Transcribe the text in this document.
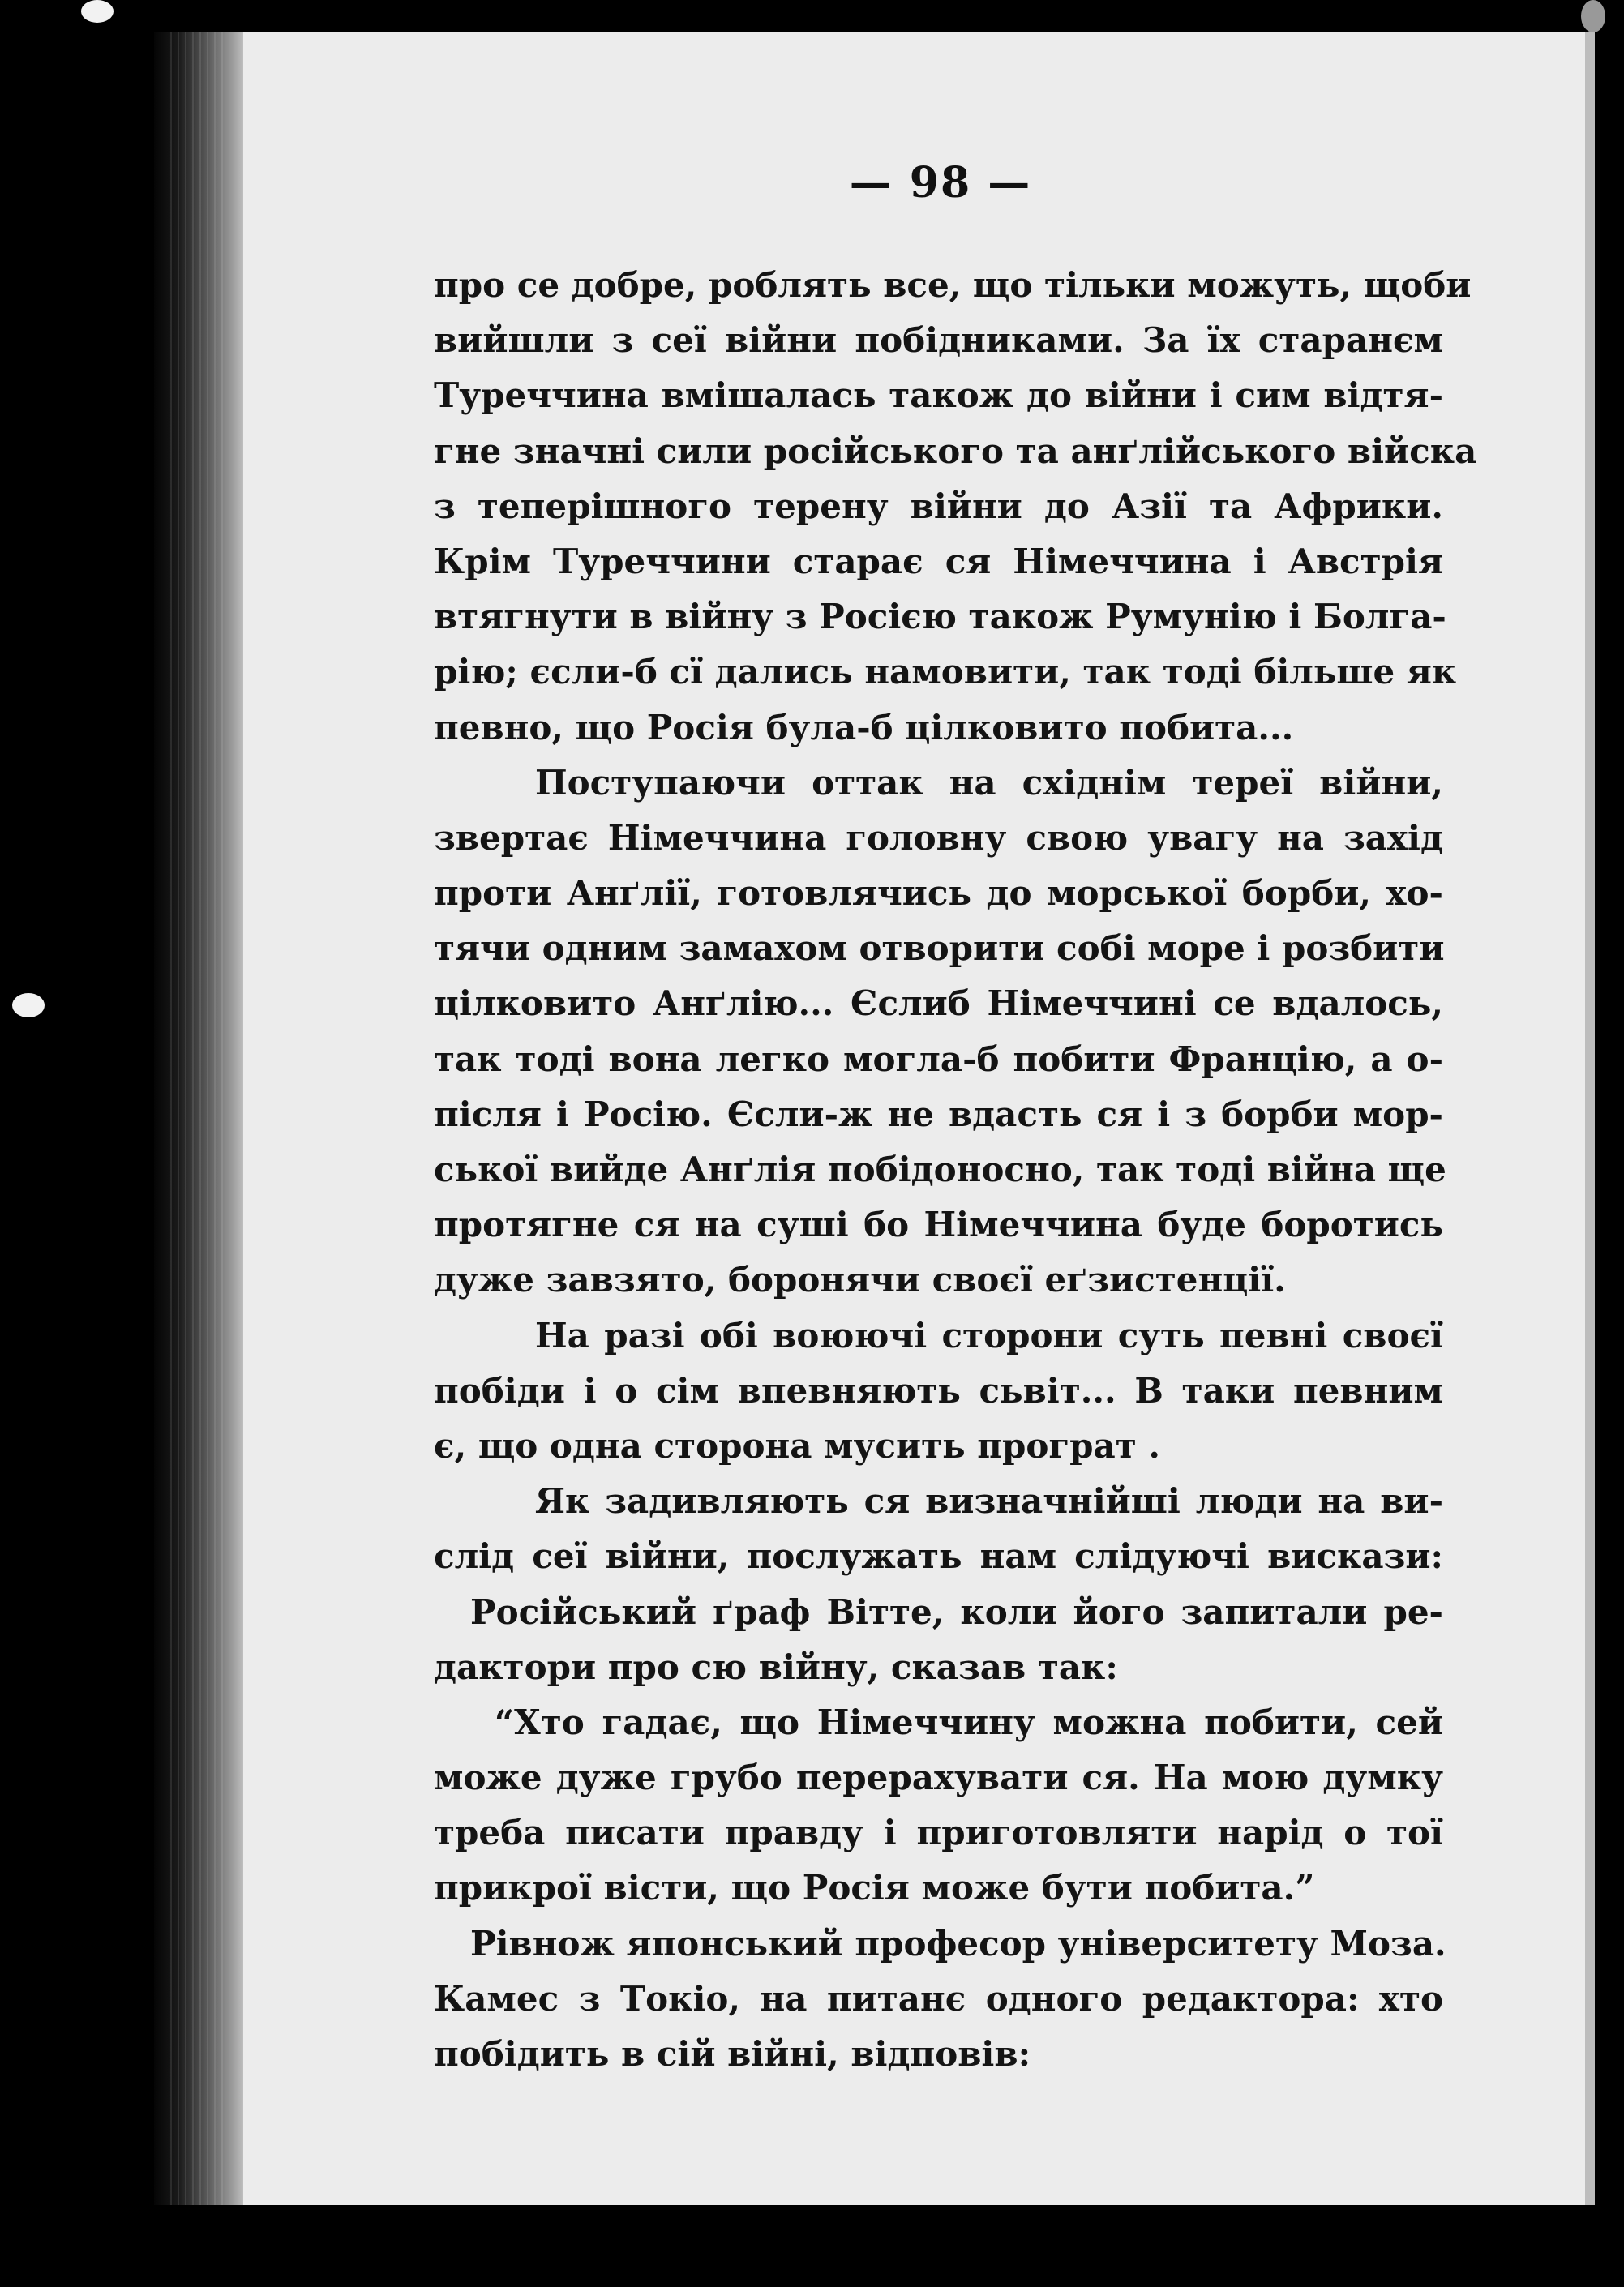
— 98 —
про се добре, роблять все, що тільки можуть, щоби
вийшли з сеї війни побідниками. За їх старанєм
Туреччина вмішалась також до війни і сим відтя-
гне значні сили російського та анґлійського війска
з теперішного терену війни до Азії та Африки.
Крім Туреччини старає ся Німеччина і Австрія
втягнути в війну з Росією також Румунію і Болга-
рію; єсли-б сї дались намовити, так тоді більше як
певно, що Росія була-б цілковито побита...
Поступаючи оттак на східнім тереї війни,
звертає Німеччина головну свою увагу на захід
проти Анґлії, готовлячись до морської борби, хо-
тячи одним замахом отворити собі море і розбити
цілковито Анґлію... Єслиб Німеччині се вдалось,
так тоді вона легко могла-б побити Францію, а о-
після і Росію. Єсли-ж не вдасть ся і з борби мор-
ської вийде Анґлія побідоносно, так тоді війна ще
протягне ся на суші бо Німеччина буде боротись
дуже завзято, боронячи своєї еґзистенції.
На разі обі воюючі сторони суть певні своєї
побіди і о сім впевняють сьвіт... В таки певним
є, що одна сторона мусить програт .
Як задивляють ся визначнійші люди на ви-
слід сеї війни, послужать нам слідуючі вискази:
Російський ґраф Вітте, коли його запитали ре-
дактори про сю війну, сказав так:
“Хто гадає, що Німеччину можна побити, сей
може дуже грубо перерахувати ся. На мою думку
треба писати правду і приготовляти нарід о тої
прикрої вісти, що Росія може бути побита.”
Рівнож японський професор університету Моза.
Камес з Токіо, на питанє одного редактора: хто
побідить в сій війні, відповів:
